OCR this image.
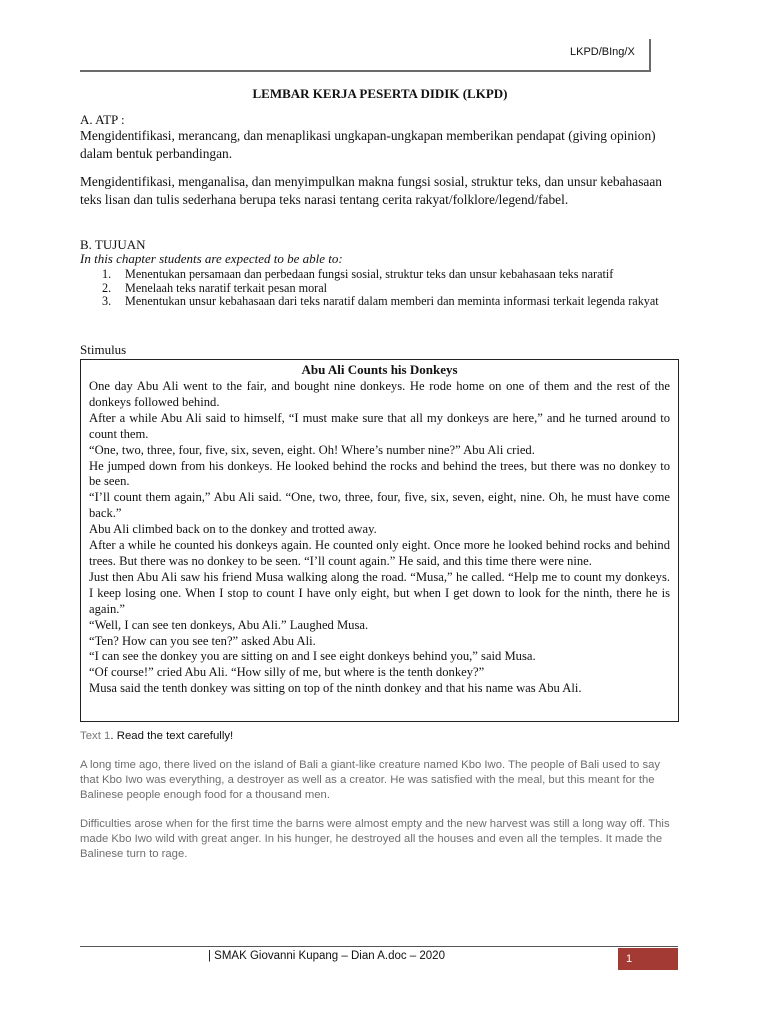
LKPD/BIng/X
LEMBAR KERJA PESERTA DIDIK (LKPD)
A. ATP :
Mengidentifikasi, merancang, dan menaplikasi ungkapan-ungkapan memberikan pendapat (giving opinion) dalam bentuk perbandingan.
Mengidentifikasi, menganalisa, dan menyimpulkan makna fungsi sosial, struktur teks, dan unsur kebahasaan teks lisan dan tulis sederhana berupa teks narasi tentang cerita rakyat/folklore/legend/fabel.
B. TUJUAN
In this chapter students are expected to be able to:
1. Menentukan persamaan dan perbedaan fungsi sosial, struktur teks dan unsur kebahasaan teks naratif
2. Menelaah teks naratif terkait pesan moral
3. Menentukan unsur kebahasaan dari teks naratif dalam memberi dan meminta informasi terkait legenda rakyat
Stimulus
Abu Ali Counts his Donkeys

One day Abu Ali went to the fair, and bought nine donkeys. He rode home on one of them and the rest of the donkeys followed behind.

After a while Abu Ali said to himself, “I must make sure that all my donkeys are here,” and he turned around to count them.

“One, two, three, four, five, six, seven, eight. Oh! Where’s number nine?” Abu Ali cried.

He jumped down from his donkeys. He looked behind the rocks and behind the trees, but there was no donkey to be seen.

“I’ll count them again,” Abu Ali said. “One, two, three, four, five, six, seven, eight, nine. Oh, he must have come back.”

Abu Ali climbed back on to the donkey and trotted away.

After a while he counted his donkeys again. He counted only eight. Once more he looked behind rocks and behind trees. But there was no donkey to be seen. “I’ll count again.” He said, and this time there were nine.

Just then Abu Ali saw his friend Musa walking along the road. “Musa,” he called. “Help me to count my donkeys. I keep losing one. When I stop to count I have only eight, but when I get down to look for the ninth, there he is again.”

“Well, I can see ten donkeys, Abu Ali.” Laughed Musa.

“Ten? How can you see ten?” asked Abu Ali.

“I can see the donkey you are sitting on and I see eight donkeys behind you,” said Musa.

“Of course!” cried Abu Ali. “How silly of me, but where is the tenth donkey?”

Musa said the tenth donkey was sitting on top of the ninth donkey and that his name was Abu Ali.

Text 1. Read the text carefully!
A long time ago, there lived on the island of Bali a giant-like creature named Kbo Iwo. The people of Bali used to say that Kbo Iwo was everything, a destroyer as well as a creator. He was satisfied with the meal, but this meant for the Balinese people enough food for a thousand men.
Difficulties arose when for the first time the barns were almost empty and the new harvest was still a long way off. This made Kbo Iwo wild with great anger. In his hunger, he destroyed all the houses and even all the temples. It made the Balinese turn to rage.
| SMAK Giovanni Kupang – Dian A.doc – 2020	1
